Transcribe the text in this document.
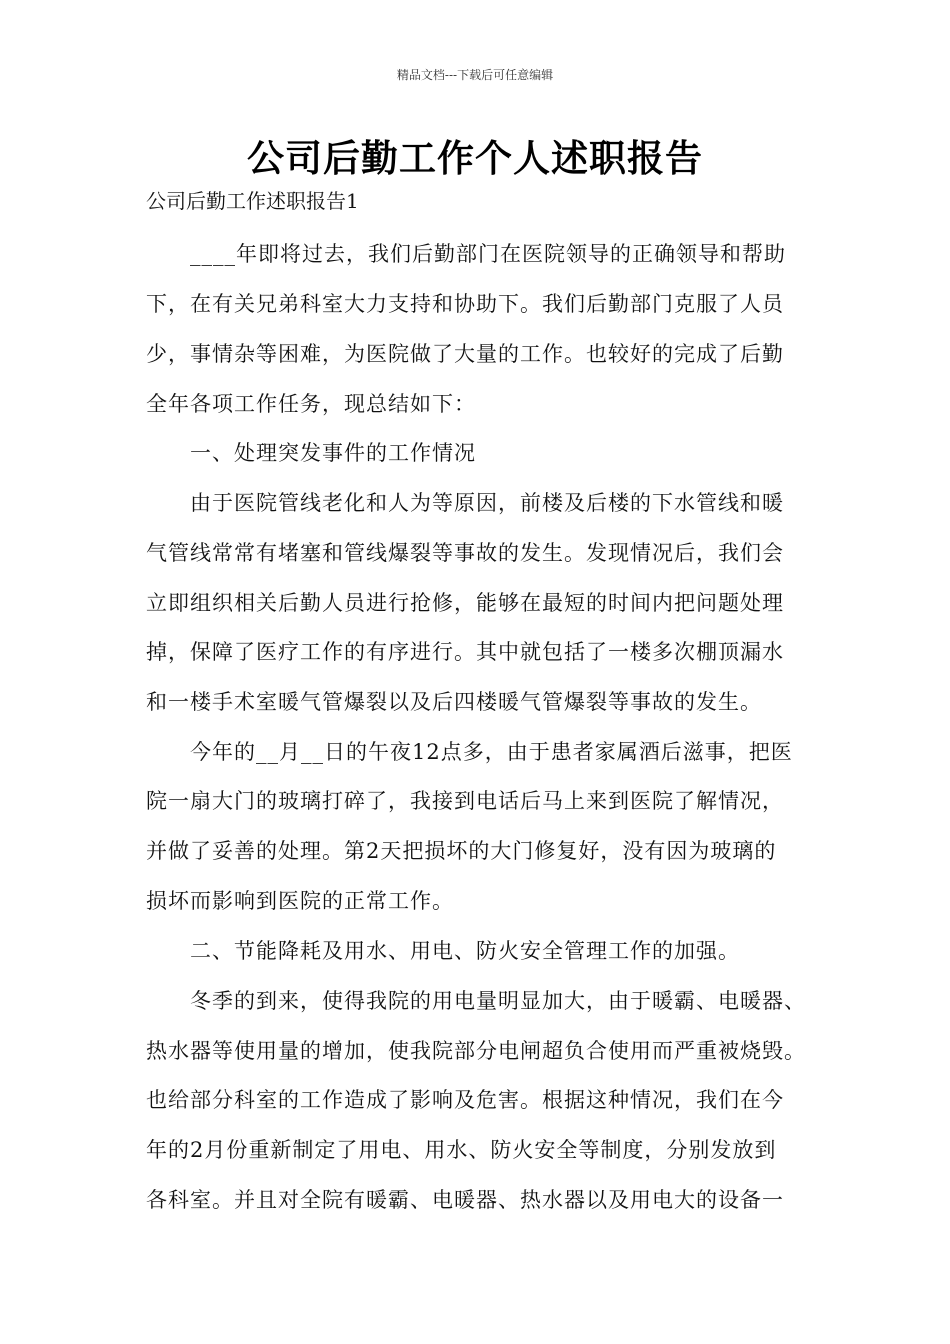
精品文档---下载后可任意编辑
公司后勤工作个人述职报告
公司后勤工作述职报告1
____年即将过去，我们后勤部门在医院领导的正确领导和帮助
下，在有关兄弟科室大力支持和协助下。我们后勤部门克服了人员
少，事情杂等困难，为医院做了大量的工作。也较好的完成了后勤
全年各项工作任务，现总结如下：
一、处理突发事件的工作情况
由于医院管线老化和人为等原因，前楼及后楼的下水管线和暖
气管线常常有堵塞和管线爆裂等事故的发生。发现情况后，我们会
立即组织相关后勤人员进行抢修，能够在最短的时间内把问题处理
掉，保障了医疗工作的有序进行。其中就包括了一楼多次棚顶漏水
和一楼手术室暖气管爆裂以及后四楼暖气管爆裂等事故的发生。
今年的__月__日的午夜12点多，由于患者家属酒后滋事，把医
院一扇大门的玻璃打碎了，我接到电话后马上来到医院了解情况，
并做了妥善的处理。第2天把损坏的大门修复好，没有因为玻璃的
损坏而影响到医院的正常工作。
二、节能降耗及用水、用电、防火安全管理工作的加强。
冬季的到来，使得我院的用电量明显加大，由于暖霸、电暖器、
热水器等使用量的增加，使我院部分电闸超负合使用而严重被烧毁。
也给部分科室的工作造成了影响及危害。根据这种情况，我们在今
年的2月份重新制定了用电、用水、防火安全等制度，分别发放到
各科室。并且对全院有暖霸、电暖器、热水器以及用电大的设备一
